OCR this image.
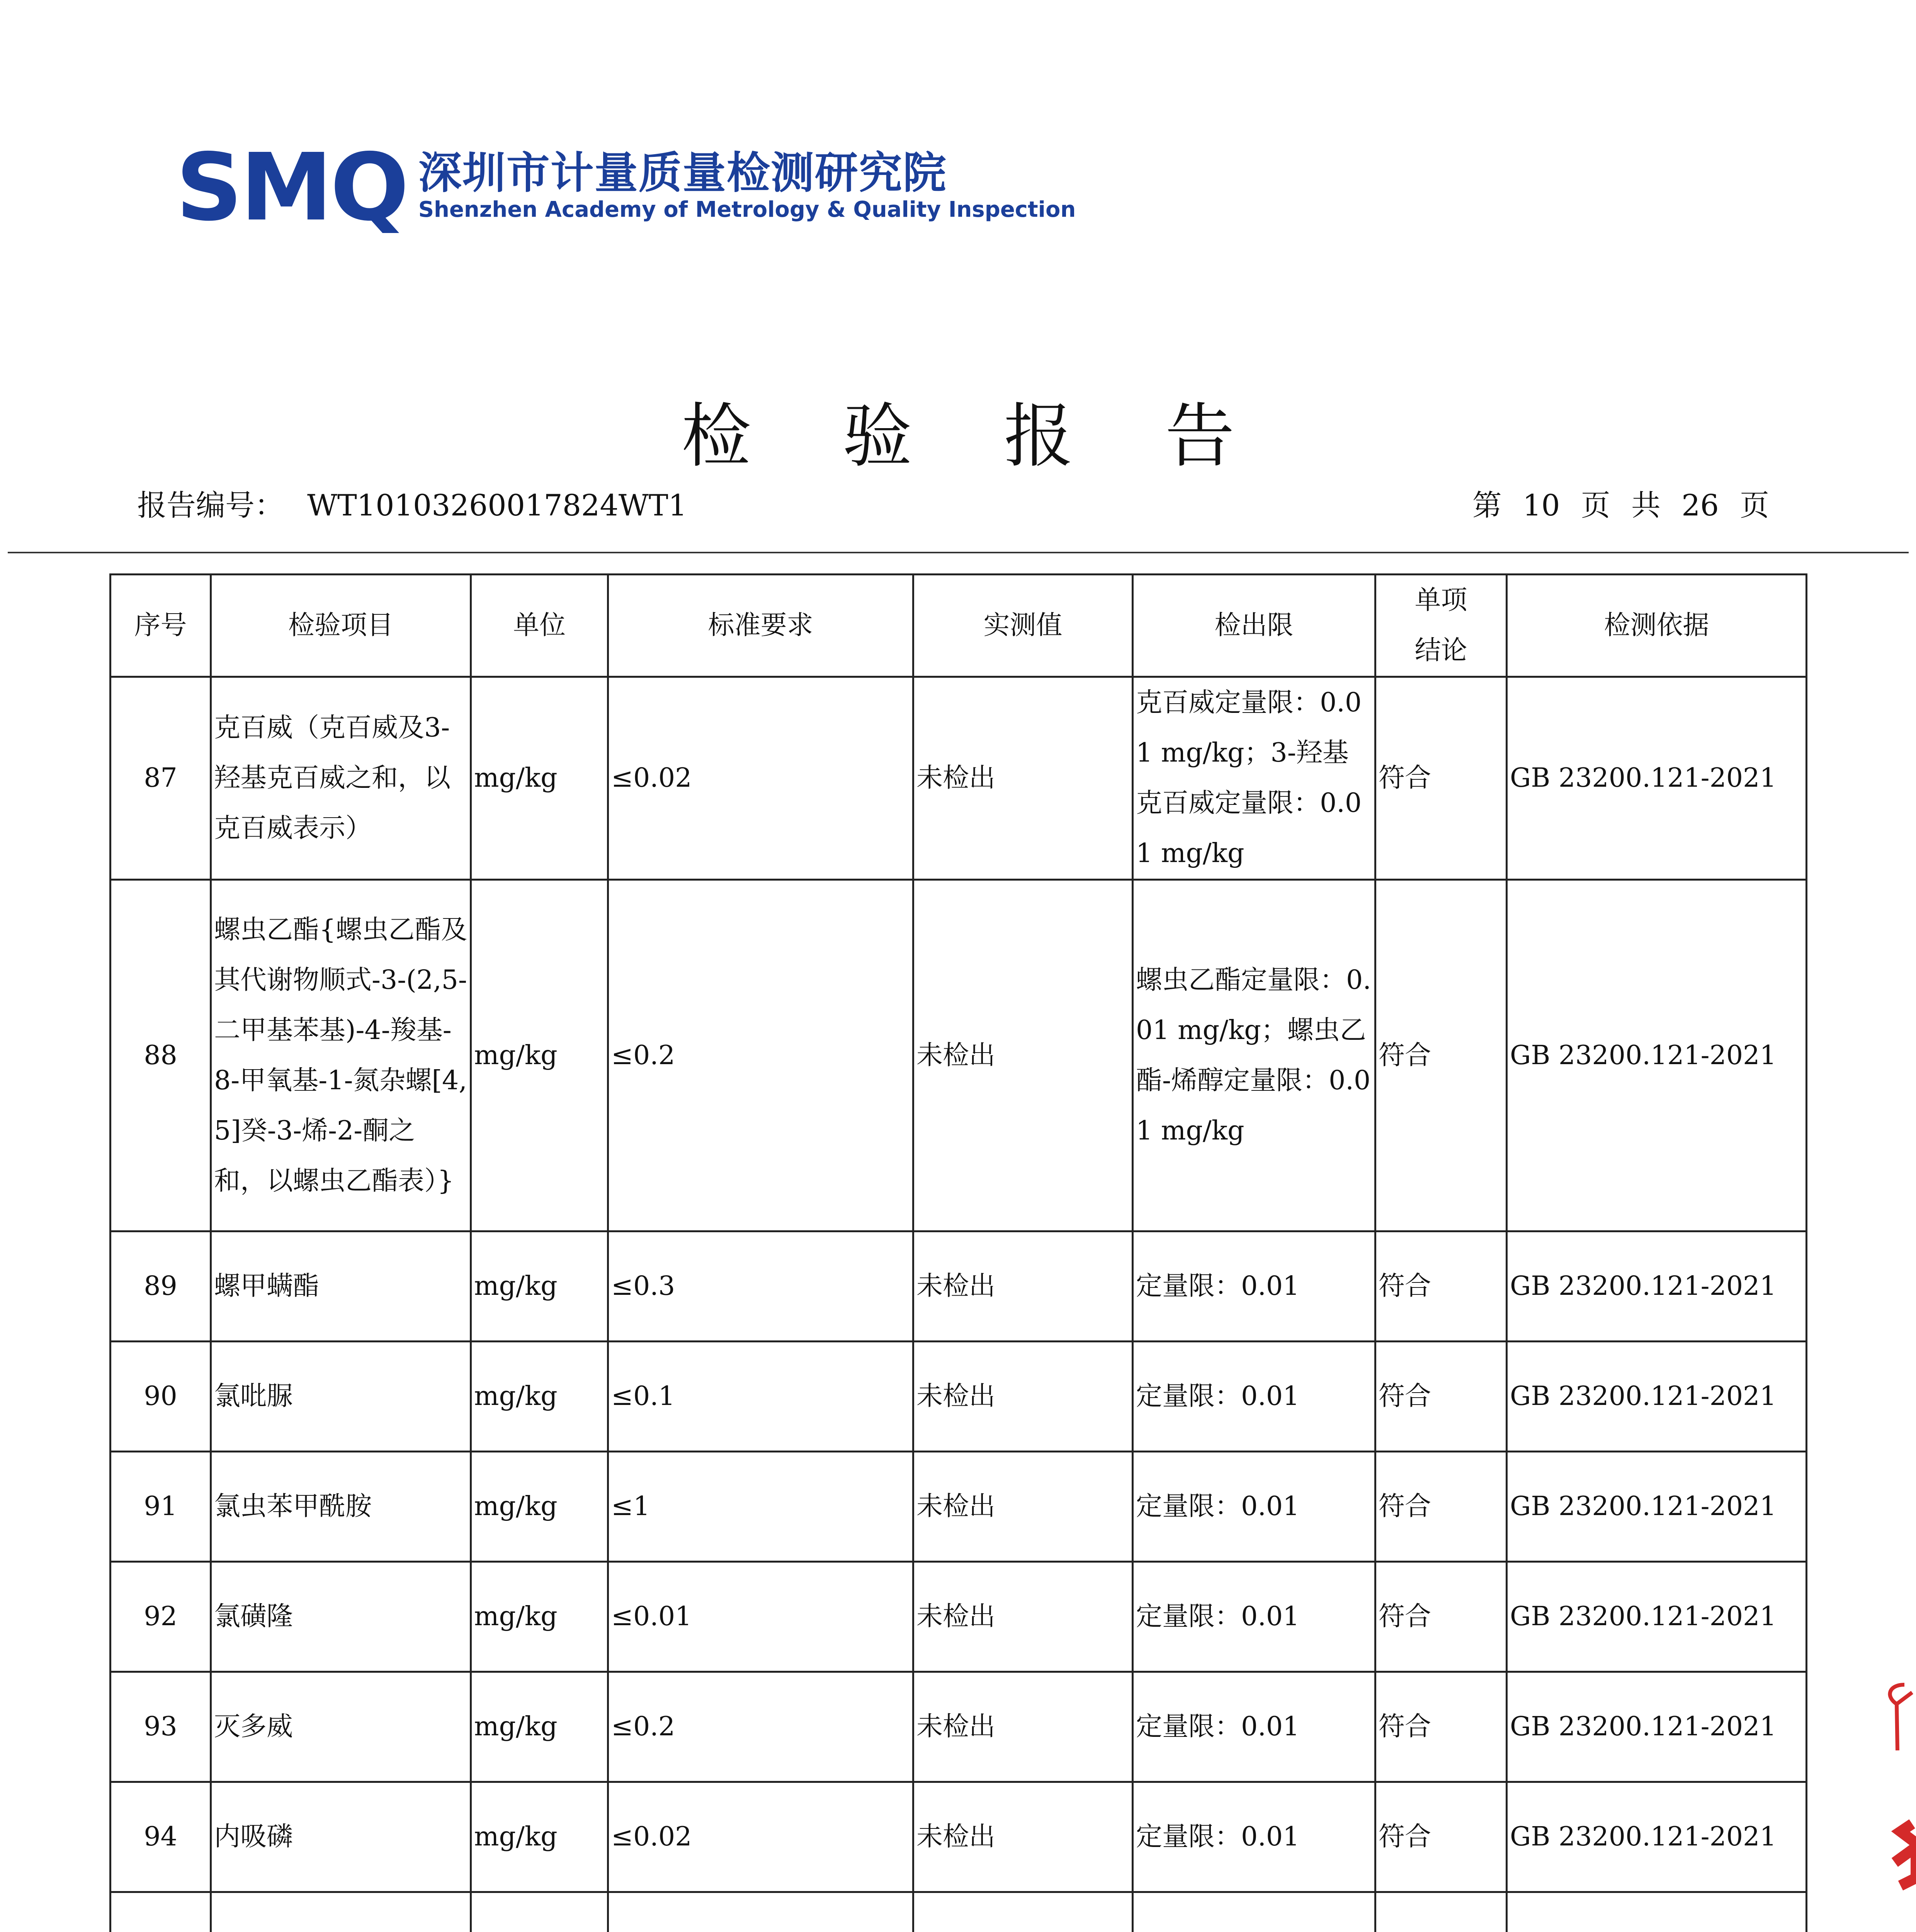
SMQ 深圳市计量质量检测研究院
Shenzhen Academy of Metrology & Quality Inspection
检 验 报 告
报告编号： WT10103260017824WT1	第 10 页 共 26 页
序号	检验项目	单位	标准要求	实测值	检出限	单项结论	检测依据
87	克百威（克百威及3-羟基克百威之和，以克百威表示）	mg/kg	≤0.02	未检出	克百威定量限：0.01 mg/kg；3-羟基克百威定量限：0.01 mg/kg	符合	GB 23200.121-2021
88	螺虫乙酯{螺虫乙酯及其代谢物顺式-3-(2,5-二甲基苯基)-4-羧基-8-甲氧基-1-氮杂螺[4,5]癸-3-烯-2-酮之和，以螺虫乙酯表）}	mg/kg	≤0.2	未检出	螺虫乙酯定量限：0.01 mg/kg；螺虫乙酯-烯醇定量限：0.01 mg/kg	符合	GB 23200.121-2021
89	螺甲螨酯	mg/kg	≤0.3	未检出	定量限：0.01	符合	GB 23200.121-2021
90	氯吡脲	mg/kg	≤0.1	未检出	定量限：0.01	符合	GB 23200.121-2021
91	氯虫苯甲酰胺	mg/kg	≤1	未检出	定量限：0.01	符合	GB 23200.121-2021
92	氯磺隆	mg/kg	≤0.01	未检出	定量限：0.01	符合	GB 23200.121-2021
93	灭多威	mg/kg	≤0.2	未检出	定量限：0.01	符合	GB 23200.121-2021
94	内吸磷	mg/kg	≤0.02	未检出	定量限：0.01	符合	GB 23200.121-2021
